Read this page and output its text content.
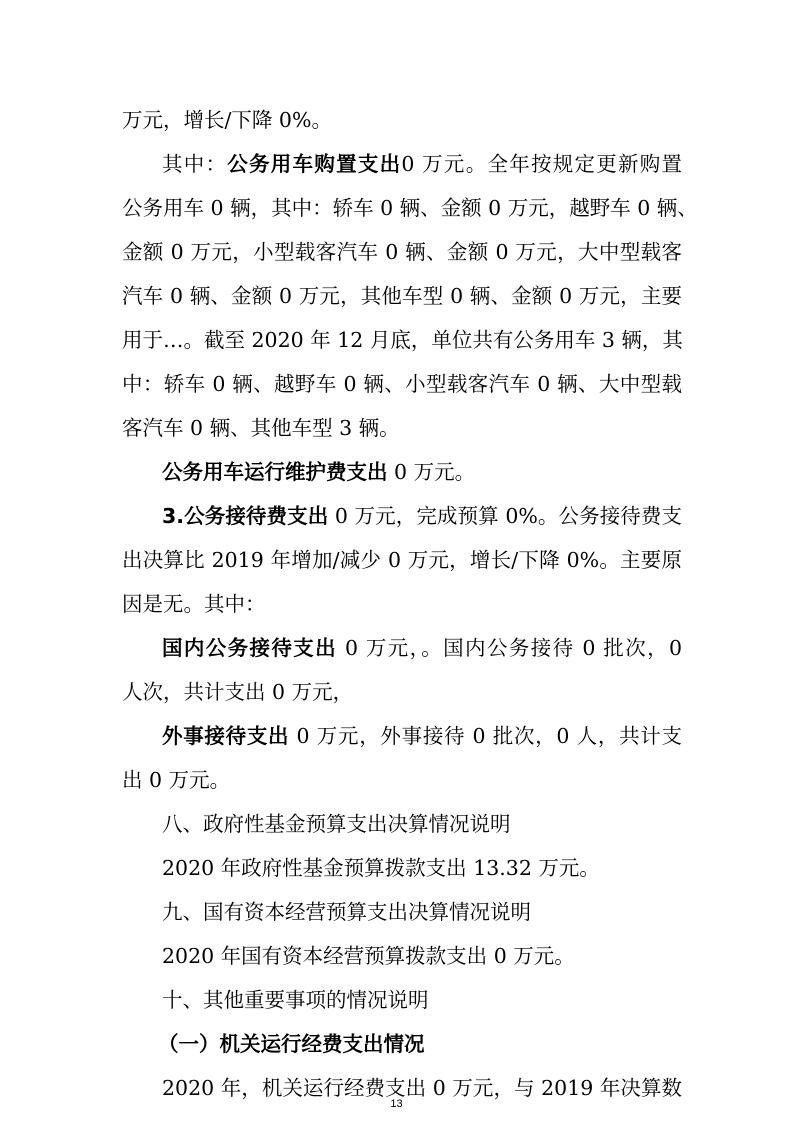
万元，增长/下降 0%。
其中：公务用车购置支出0 万元。全年按规定更新购置
公务用车 0 辆，其中：轿车 0 辆、金额 0 万元，越野车 0 辆、
金额 0 万元，小型载客汽车 0 辆、金额 0 万元，大中型载客
汽车 0 辆、金额 0 万元，其他车型 0 辆、金额 0 万元，主要
用于…。截至 2020 年 12 月底，单位共有公务用车 3 辆，其
中：轿车 0 辆、越野车 0 辆、小型载客汽车 0 辆、大中型载
客汽车 0 辆、其他车型 3 辆。
公务用车运行维护费支出 0 万元。
3.公务接待费支出 0 万元，完成预算 0%。公务接待费支
出决算比 2019 年增加/减少 0 万元，增长/下降 0%。主要原
因是无。其中：
国内公务接待支出 0 万元，。国内公务接待 0 批次，0
人次，共计支出 0 万元，
外事接待支出 0 万元，外事接待 0 批次，0 人，共计支
出 0 万元。
八、政府性基金预算支出决算情况说明
2020 年政府性基金预算拨款支出 13.32 万元。
九、国有资本经营预算支出决算情况说明
2020 年国有资本经营预算拨款支出 0 万元。
十、其他重要事项的情况说明
（一）机关运行经费支出情况
2020 年，机关运行经费支出 0 万元，与 2019 年决算数
13
